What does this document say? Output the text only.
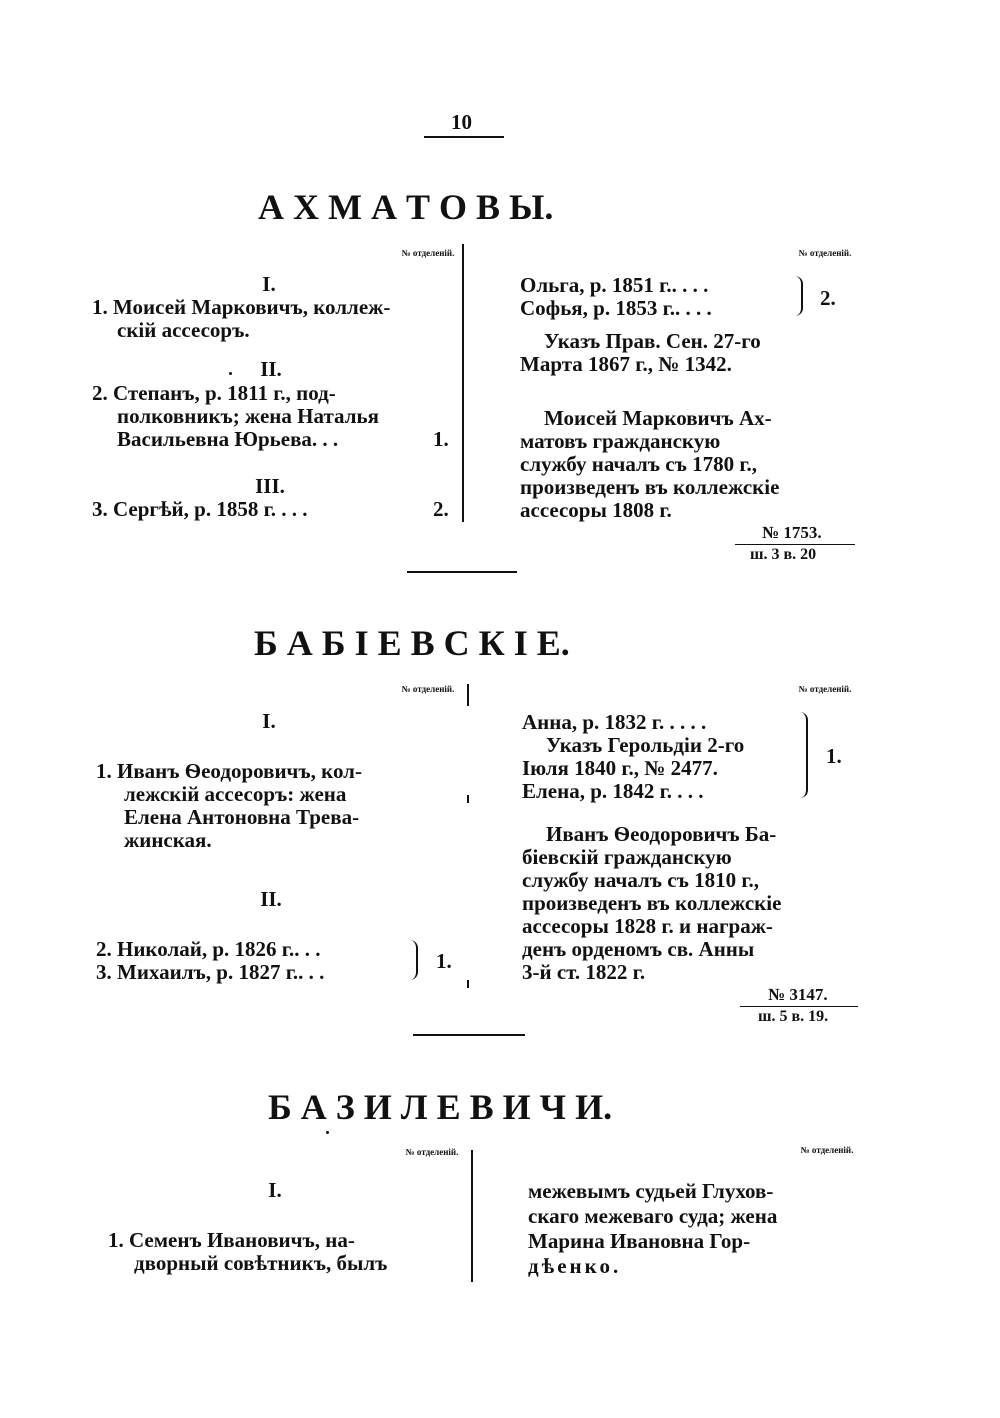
10
А Х М А Т О В Ы.
№ отделеній.	№ отделеній.
I.
1. Моисей Марковичъ, коллеж-
скій ассесоръ.
II.
2. Степанъ, р. 1811 г., под-
полковникъ; жена Наталья
Васильевна Юрьева. . .	1.
III.
3. Сергѣй, р. 1858 г. . . .	2.
Ольга, р. 1851 г.. . . .
Софья, р. 1853 г.. . . .	2.
Указъ Прав. Сен. 27-го
Марта 1867 г., № 1342.
Моисей Марковичъ Ах-
матовъ гражданскую
службу началъ съ 1780 г.,
произведенъ въ коллежскіе
ассесоры 1808 г.
№ 1753.
ш. 3 в. 20
Б А Б І Е В С К І Е.
№ отделеній.	№ отделеній.
I.
1. Иванъ Ѳеодоровичъ, кол-
лежскій ассесоръ: жена
Елена Антоновна Трева-
жинская.
II.
2. Николай, р. 1826 г.. . .
3. Михаилъ, р. 1827 г.. . .	1.
Анна, р. 1832 г. . . . .
Указъ Герольдіи 2-го
Іюля 1840 г., № 2477.
Елена, р. 1842 г. . . .
1.
Иванъ Ѳеодоровичъ Ба-
біевскій гражданскую
службу началъ съ 1810 г.,
произведенъ въ коллежскіе
ассесоры 1828 г. и награж-
денъ орденомъ св. Анны
3-й ст. 1822 г.
№ 3147.
ш. 5 в. 19.
Б А З И Л Е В И Ч И.
№ отделеній.	№ отделеній.
I.
1. Семенъ Ивановичъ, на-
дворный совѣтникъ, былъ
межевымъ судьей Глухов-
скаго межеваго суда; жена
Марина Ивановна Гор-
дѣенко.
